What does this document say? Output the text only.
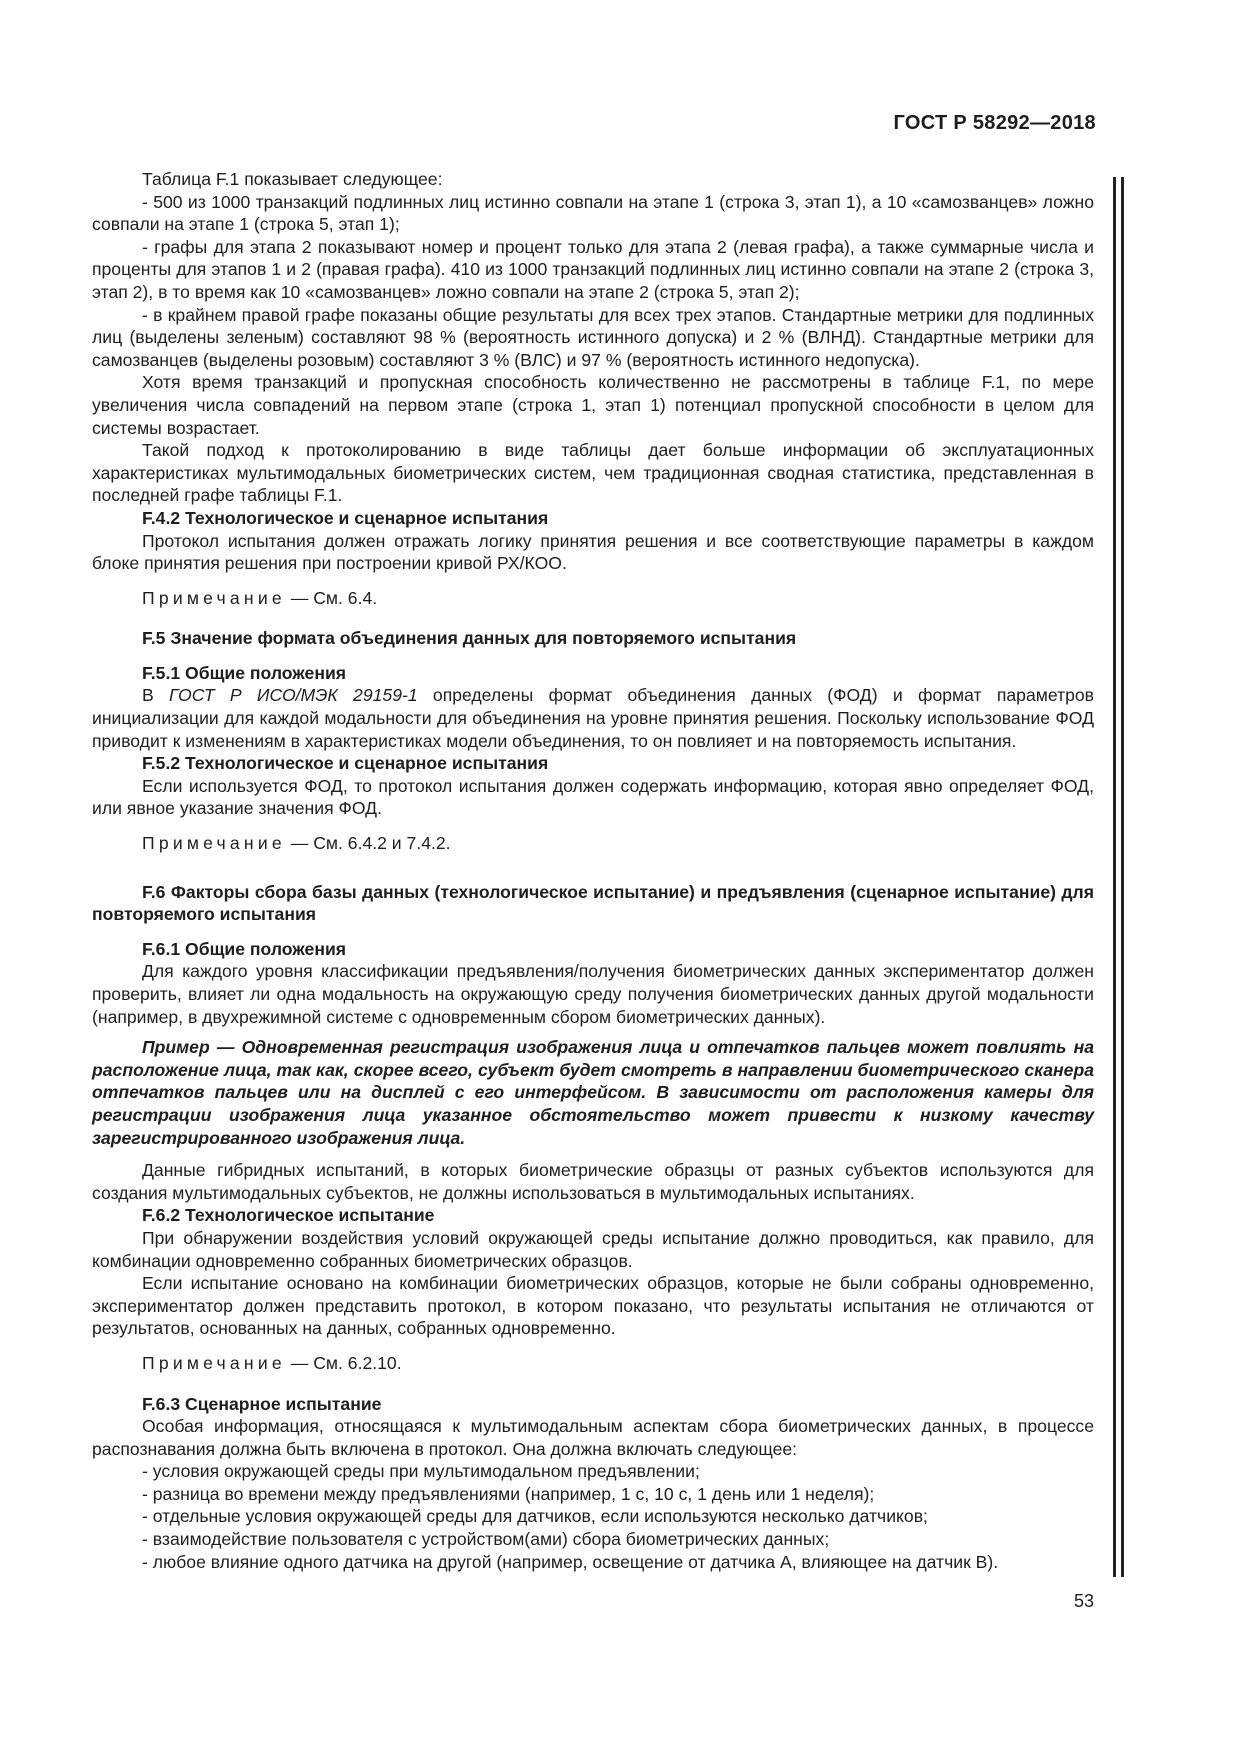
ГОСТ Р 58292—2018

Таблица F.1 показывает следующее:

- 500 из 1000 транзакций подлинных лиц истинно совпали на этапе 1 (строка 3, этап 1), а 10 «самозванцев» ложно совпали на этапе 1 (строка 5, этап 1);

- графы для этапа 2 показывают номер и процент только для этапа 2 (левая графа), а также суммарные числа и проценты для этапов 1 и 2 (правая графа). 410 из 1000 транзакций подлинных лиц истинно совпали на этапе 2 (строка 3, этап 2), в то время как 10 «самозванцев» ложно совпали на этапе 2 (строка 5, этап 2);

- в крайнем правой графе показаны общие результаты для всех трех этапов. Стандартные метрики для подлинных лиц (выделены зеленым) составляют 98 % (вероятность истинного допуска) и 2 % (ВЛНД). Стандартные метрики для самозванцев (выделены розовым) составляют 3 % (ВЛС) и 97 % (вероятность истинного недопуска).

Хотя время транзакций и пропускная способность количественно не рассмотрены в таблице F.1, по мере увеличения числа совпадений на первом этапе (строка 1, этап 1) потенциал пропускной способности в целом для системы возрастает.

Такой подход к протоколированию в виде таблицы дает больше информации об эксплуатационных характеристиках мультимодальных биометрических систем, чем традиционная сводная статистика, представленная в последней графе таблицы F.1.

F.4.2 Технологическое и сценарное испытания

Протокол испытания должен отражать логику принятия решения и все соответствующие параметры в каждом блоке принятия решения при построении кривой РХ/КОО.

Примечание — См. 6.4.

F.5 Значение формата объединения данных для повторяемого испытания

F.5.1 Общие положения

В ГОСТ Р ИСО/МЭК 29159-1 определены формат объединения данных (ФОД) и формат параметров инициализации для каждой модальности для объединения на уровне принятия решения. Поскольку использование ФОД приводит к изменениям в характеристиках модели объединения, то он повлияет и на повторяемость испытания.

F.5.2 Технологическое и сценарное испытания

Если используется ФОД, то протокол испытания должен содержать информацию, которая явно определяет ФОД, или явное указание значения ФОД.

Примечание — См. 6.4.2 и 7.4.2.

F.6 Факторы сбора базы данных (технологическое испытание) и предъявления (сценарное испытание) для повторяемого испытания

F.6.1 Общие положения

Для каждого уровня классификации предъявления/получения биометрических данных экспериментатор должен проверить, влияет ли одна модальность на окружающую среду получения биометрических данных другой модальности (например, в двухрежимной системе с одновременным сбором биометрических данных).

Пример — Одновременная регистрация изображения лица и отпечатков пальцев может повлиять на расположение лица, так как, скорее всего, субъект будет смотреть в направлении биометрического сканера отпечатков пальцев или на дисплей с его интерфейсом. В зависимости от расположения камеры для регистрации изображения лица указанное обстоятельство может привести к низкому качеству зарегистрированного изображения лица.

Данные гибридных испытаний, в которых биометрические образцы от разных субъектов используются для создания мультимодальных субъектов, не должны использоваться в мультимодальных испытаниях.

F.6.2 Технологическое испытание

При обнаружении воздействия условий окружающей среды испытание должно проводиться, как правило, для комбинации одновременно собранных биометрических образцов.

Если испытание основано на комбинации биометрических образцов, которые не были собраны одновременно, экспериментатор должен представить протокол, в котором показано, что результаты испытания не отличаются от результатов, основанных на данных, собранных одновременно.

Примечание — См. 6.2.10.

F.6.3 Сценарное испытание

Особая информация, относящаяся к мультимодальным аспектам сбора биометрических данных, в процессе распознавания должна быть включена в протокол. Она должна включать следующее:

- условия окружающей среды при мультимодальном предъявлении;

- разница во времени между предъявлениями (например, 1 с, 10 с, 1 день или 1 неделя);

- отдельные условия окружающей среды для датчиков, если используются несколько датчиков;

- взаимодействие пользователя с устройством(ами) сбора биометрических данных;

- любое влияние одного датчика на другой (например, освещение от датчика А, влияющее на датчик В).

53
